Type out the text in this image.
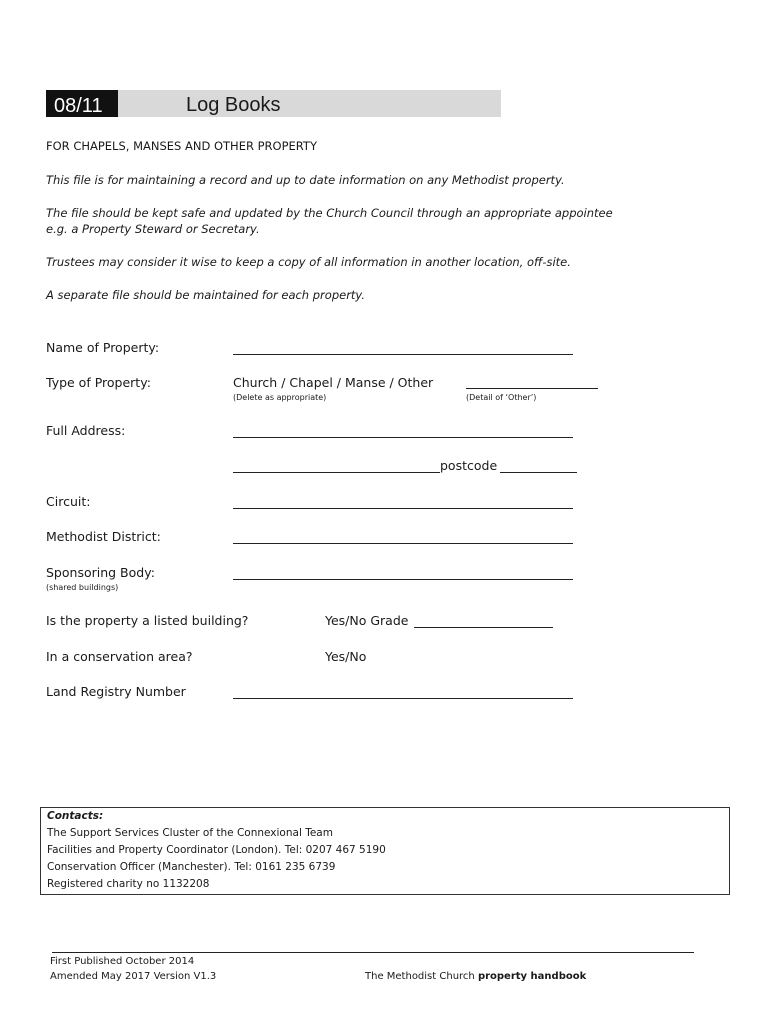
08/11	Log Books
FOR CHAPELS, MANSES AND OTHER PROPERTY
This file is for maintaining a record and up to date information on any Methodist property.
The file should be kept safe and updated by the Church Council through an appropriate appointee
e.g. a Property Steward or Secretary.
Trustees may consider it wise to keep a copy of all information in another location, off-site.
A separate file should be maintained for each property.
Name of Property:
Type of Property:	Church / Chapel / Manse / Other
(Delete as appropriate)	(Detail of ‘Other’)
Full Address:
postcode
Circuit:
Methodist District:
Sponsoring Body:
(shared buildings)
Is the property a listed building?	Yes/No Grade
In a conservation area?	Yes/No
Land Registry Number
Contacts:
The Support Services Cluster of the Connexional Team
Facilities and Property Coordinator (London). Tel: 0207 467 5190
Conservation Officer (Manchester). Tel: 0161 235 6739
Registered charity no 1132208
First Published October 2014
Amended May 2017 Version V1.3	The Methodist Church property handbook
